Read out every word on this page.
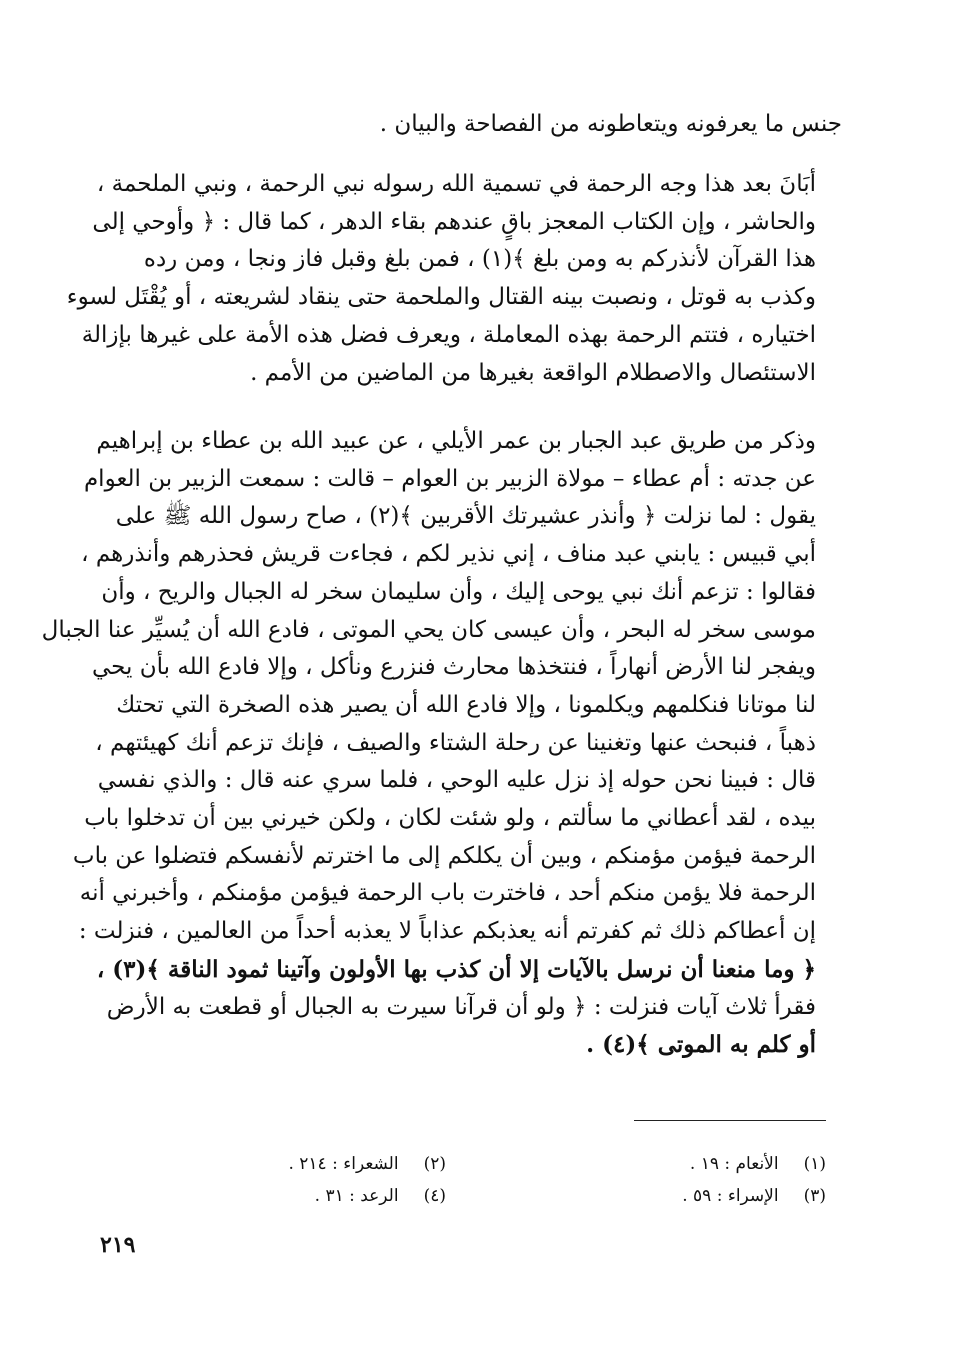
جنس ما يعرفونه ويتعاطونه من الفصاحة والبيان .
أبَانَ بعد هذا وجه الرحمة في تسمية الله رسوله نبي الرحمة ، ونبي الملحمة ،
والحاشر ، وإن الكتاب المعجز باقٍ عندهم بقاء الدهر ، كما قال : ﴿ وأوحي إلى
هذا القرآن لأنذركم به ومن بلغ ﴾(١) ، فمن بلغ وقبل فاز ونجا ، ومن رده
وكذب به قوتل ، ونصبت بينه القتال والملحمة حتى ينقاد لشريعته ، أو يُقْتَل لسوء
اختياره ، فتتم الرحمة بهذه المعاملة ، ويعرف فضل هذه الأمة على غيرها بإزالة
الاستئصال والاصطلام الواقعة بغيرها من الماضين من الأمم .
وذكر من طريق عبد الجبار بن عمر الأيلي ، عن عبيد الله بن عطاء بن إبراهيم
عن جدته : أم عطاء – مولاة الزبير بن العوام – قالت : سمعت الزبير بن العوام
يقول : لما نزلت ﴿ وأنذر عشيرتك الأقربين ﴾(٢) ، صاح رسول الله ﷺ على
أبي قبيس : يابني عبد مناف ، إني نذير لكم ، فجاءت قريش فحذرهم وأنذرهم ،
فقالوا : تزعم أنك نبي يوحى إليك ، وأن سليمان سخر له الجبال والريح ، وأن
موسى سخر له البحر ، وأن عيسى كان يحي الموتى ، فادع الله أن يُسيِّر عنا الجبال
ويفجر لنا الأرض أنهاراً ، فنتخذها محارث فنزرع ونأكل ، وإلا فادع الله بأن يحي
لنا موتانا فنكلمهم ويكلمونا ، وإلا فادع الله أن يصير هذه الصخرة التي تحتك
ذهباً ، فنبحث عنها وتغنينا عن رحلة الشتاء والصيف ، فإنك تزعم أنك كهيئتهم ،
قال : فبينا نحن حوله إذ نزل عليه الوحي ، فلما سري عنه قال : والذي نفسي
بيده ، لقد أعطاني ما سألتم ، ولو شئت لكان ، ولكن خيرني بين أن تدخلوا باب
الرحمة فيؤمن مؤمنكم ، وبين أن يكلكم إلى ما اخترتم لأنفسكم فتضلوا عن باب
الرحمة فلا يؤمن منكم أحد ، فاخترت باب الرحمة فيؤمن مؤمنكم ، وأخبرني أنه
إن أعطاكم ذلك ثم كفرتم أنه يعذبكم عذاباً لا يعذبه أحداً من العالمين ، فنزلت :
﴿ وما منعنا أن نرسل بالآيات إلا أن كذب بها الأولون وآتينا ثمود الناقة ﴾(٣) ،
فقرأ ثلاث آيات فنزلت : ﴿ ولو أن قرآنا سيرت به الجبال أو قطعت به الأرض
أو كلم به الموتى ﴾(٤) .
(١) الأنعام : ١٩ .
(٢) الشعراء : ٢١٤ .
(٣) الإسراء : ٥٩ .
(٤) الرعد : ٣١ .
٢١٩
